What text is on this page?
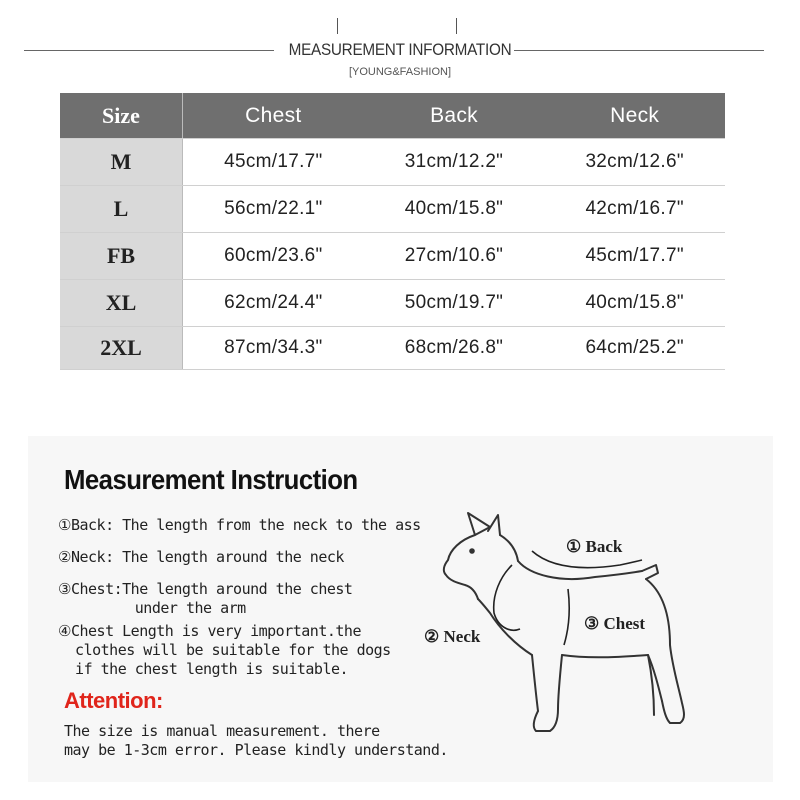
MEASUREMENT INFORMATION
[YOUNG&FASHION]
Size	Chest	Back	Neck
M	45cm/17.7"	31cm/12.2"	32cm/12.6"
L	56cm/22.1"	40cm/15.8"	42cm/16.7"
FB	60cm/23.6"	27cm/10.6"	45cm/17.7"
XL	62cm/24.4"	50cm/19.7"	40cm/15.8"
2XL	87cm/34.3"	68cm/26.8"	64cm/25.2"
Measurement Instruction
①Back: The length from the neck to the ass
②Neck: The length around the neck
③Chest:The length around the chest
under the arm
④Chest Length is very important.the
clothes will be suitable for the dogs
if the chest length is suitable.
Attention:
The size is manual measurement. there
may be 1-3cm error. Please kindly understand.
① Back
② Neck
③ Chest
